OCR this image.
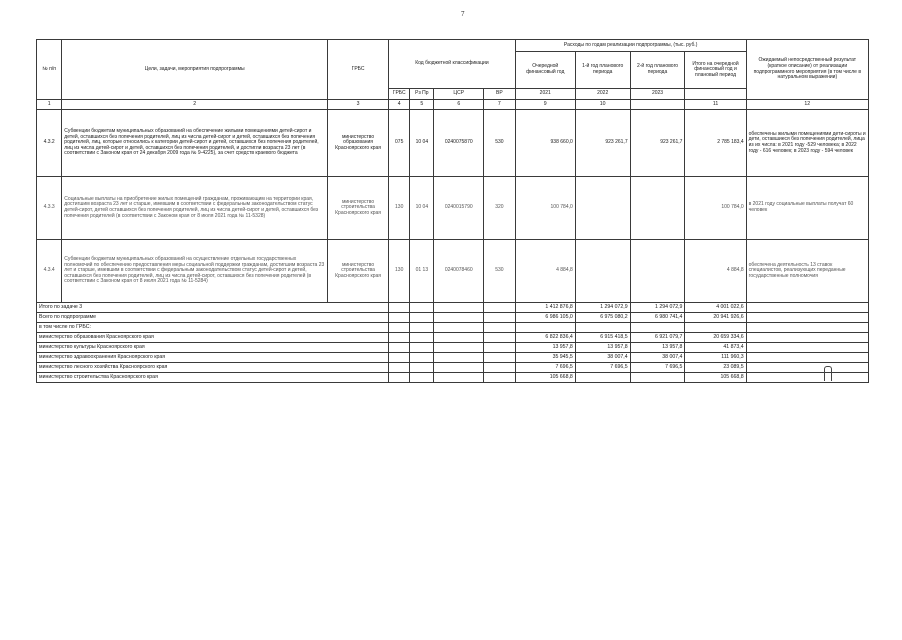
7
№ п/п	Цели, задачи, мероприятия подпрограммы	ГРБС	Код бюджетной классификации				Расходы по годам реализации подпрограммы, (тыс. руб.)				Ожидаемый непосредственный результат (краткое описание) от реализации подпрограммного мероприятия (в том числе в натуральном выражении)
							Очередной финансовый год	1-й год планового периода	2-й год планового периода	Итого на очередной финансовый год и плановый период	
			ГРБС	Рз Пр	ЦСР	ВР	2021	2022	2023		
1	2	3	4	5	6	7	9	10		11	12
4.3.2	Субвенции бюджетам муниципальных образований на обеспечение жилыми помещениями детей-сирот и детей, оставшихся без попечения родителей, лиц из числа детей-сирот и детей, оставшихся без попечения родителей, лиц, которые относились к категории детей-сирот и детей, оставшихся без попечения родителей, лиц из числа детей-сирот и детей, оставшихся без попечения родителей, и достигли возраста 23 лет (в соответствии с Законом края от 24 декабря 2009 года № 9-4225), за счет средств краевого бюджета	министерство образования Красноярского края	075	10 04	0240075870	530	938 660,0	923 261,7	923 261,7	2 785 183,4	обеспечены жилыми помещениями дети-сироты и дети, оставшиеся без попечения родителей, лица из их числа: в 2021 году -529 человека; в 2022 году - 616 человек; в 2023 году - 594 человек
4.3.3	Социальные выплаты на приобретение жилых помещений гражданам, проживающим на территории края, достигшим возраста 23 лет и старше, имевшим в соответствии с федеральным законодательством статус детей-сирот, детей оставшихся без попечения родителей, лиц из числа детей-сирот и детей, оставшихся без попечения родителей (в соответствии с Законом края от 8 июля 2021 года № 11-5328)	министерство строительства Красноярского края	130	10 04	0240015790	320	100 784,0			100 784,0	в 2021 году социальные выплаты получат 60 человек
4.3.4	Субвенции бюджетам муниципальных образований на осуществление отдельных государственных полномочий по обеспечению предоставления меры социальной поддержки гражданам, достигшим возраста 23 лет и старше, имевшим в соответствии с федеральным законодательством статус детей-сирот и детей, оставшихся без попечения родителей, лиц из числа детей-сирот, оставшихся без попечения родителей (в соответствии с Законом края от 8 июля 2021 года № 11-5284)	министерство строительства Красноярского края	130	01 13	0240078460	530	4 884,8			4 884,8	обеспечена деятельность 13 ставок специалистов, реализующих переданные государственные полномочия
Итого по задаче 3							1 412 876,8	1 294 072,9	1 294 072,9	4 001 022,6	
Всего по подпрограмме							6 986 105,0	6 975 080,2	6 980 741,4	20 941 926,6	
в том числе по ГРБС:											
министерство образования Красноярского края							6 822 836,4	6 915 418,5	6 921 079,7	20 659 334,6	
министерство культуры Красноярского края							13 957,8	13 957,8	13 957,8	41 873,4	
министерство здравоохранения Красноярского края							35 945,5	38 007,4	38 007,4	111 960,3	
министерство лесного хозяйства Красноярского края							7 696,5	7 696,5	7 696,5	23 089,5	
министерство строительства Красноярского края							105 668,8			105 668,8	
